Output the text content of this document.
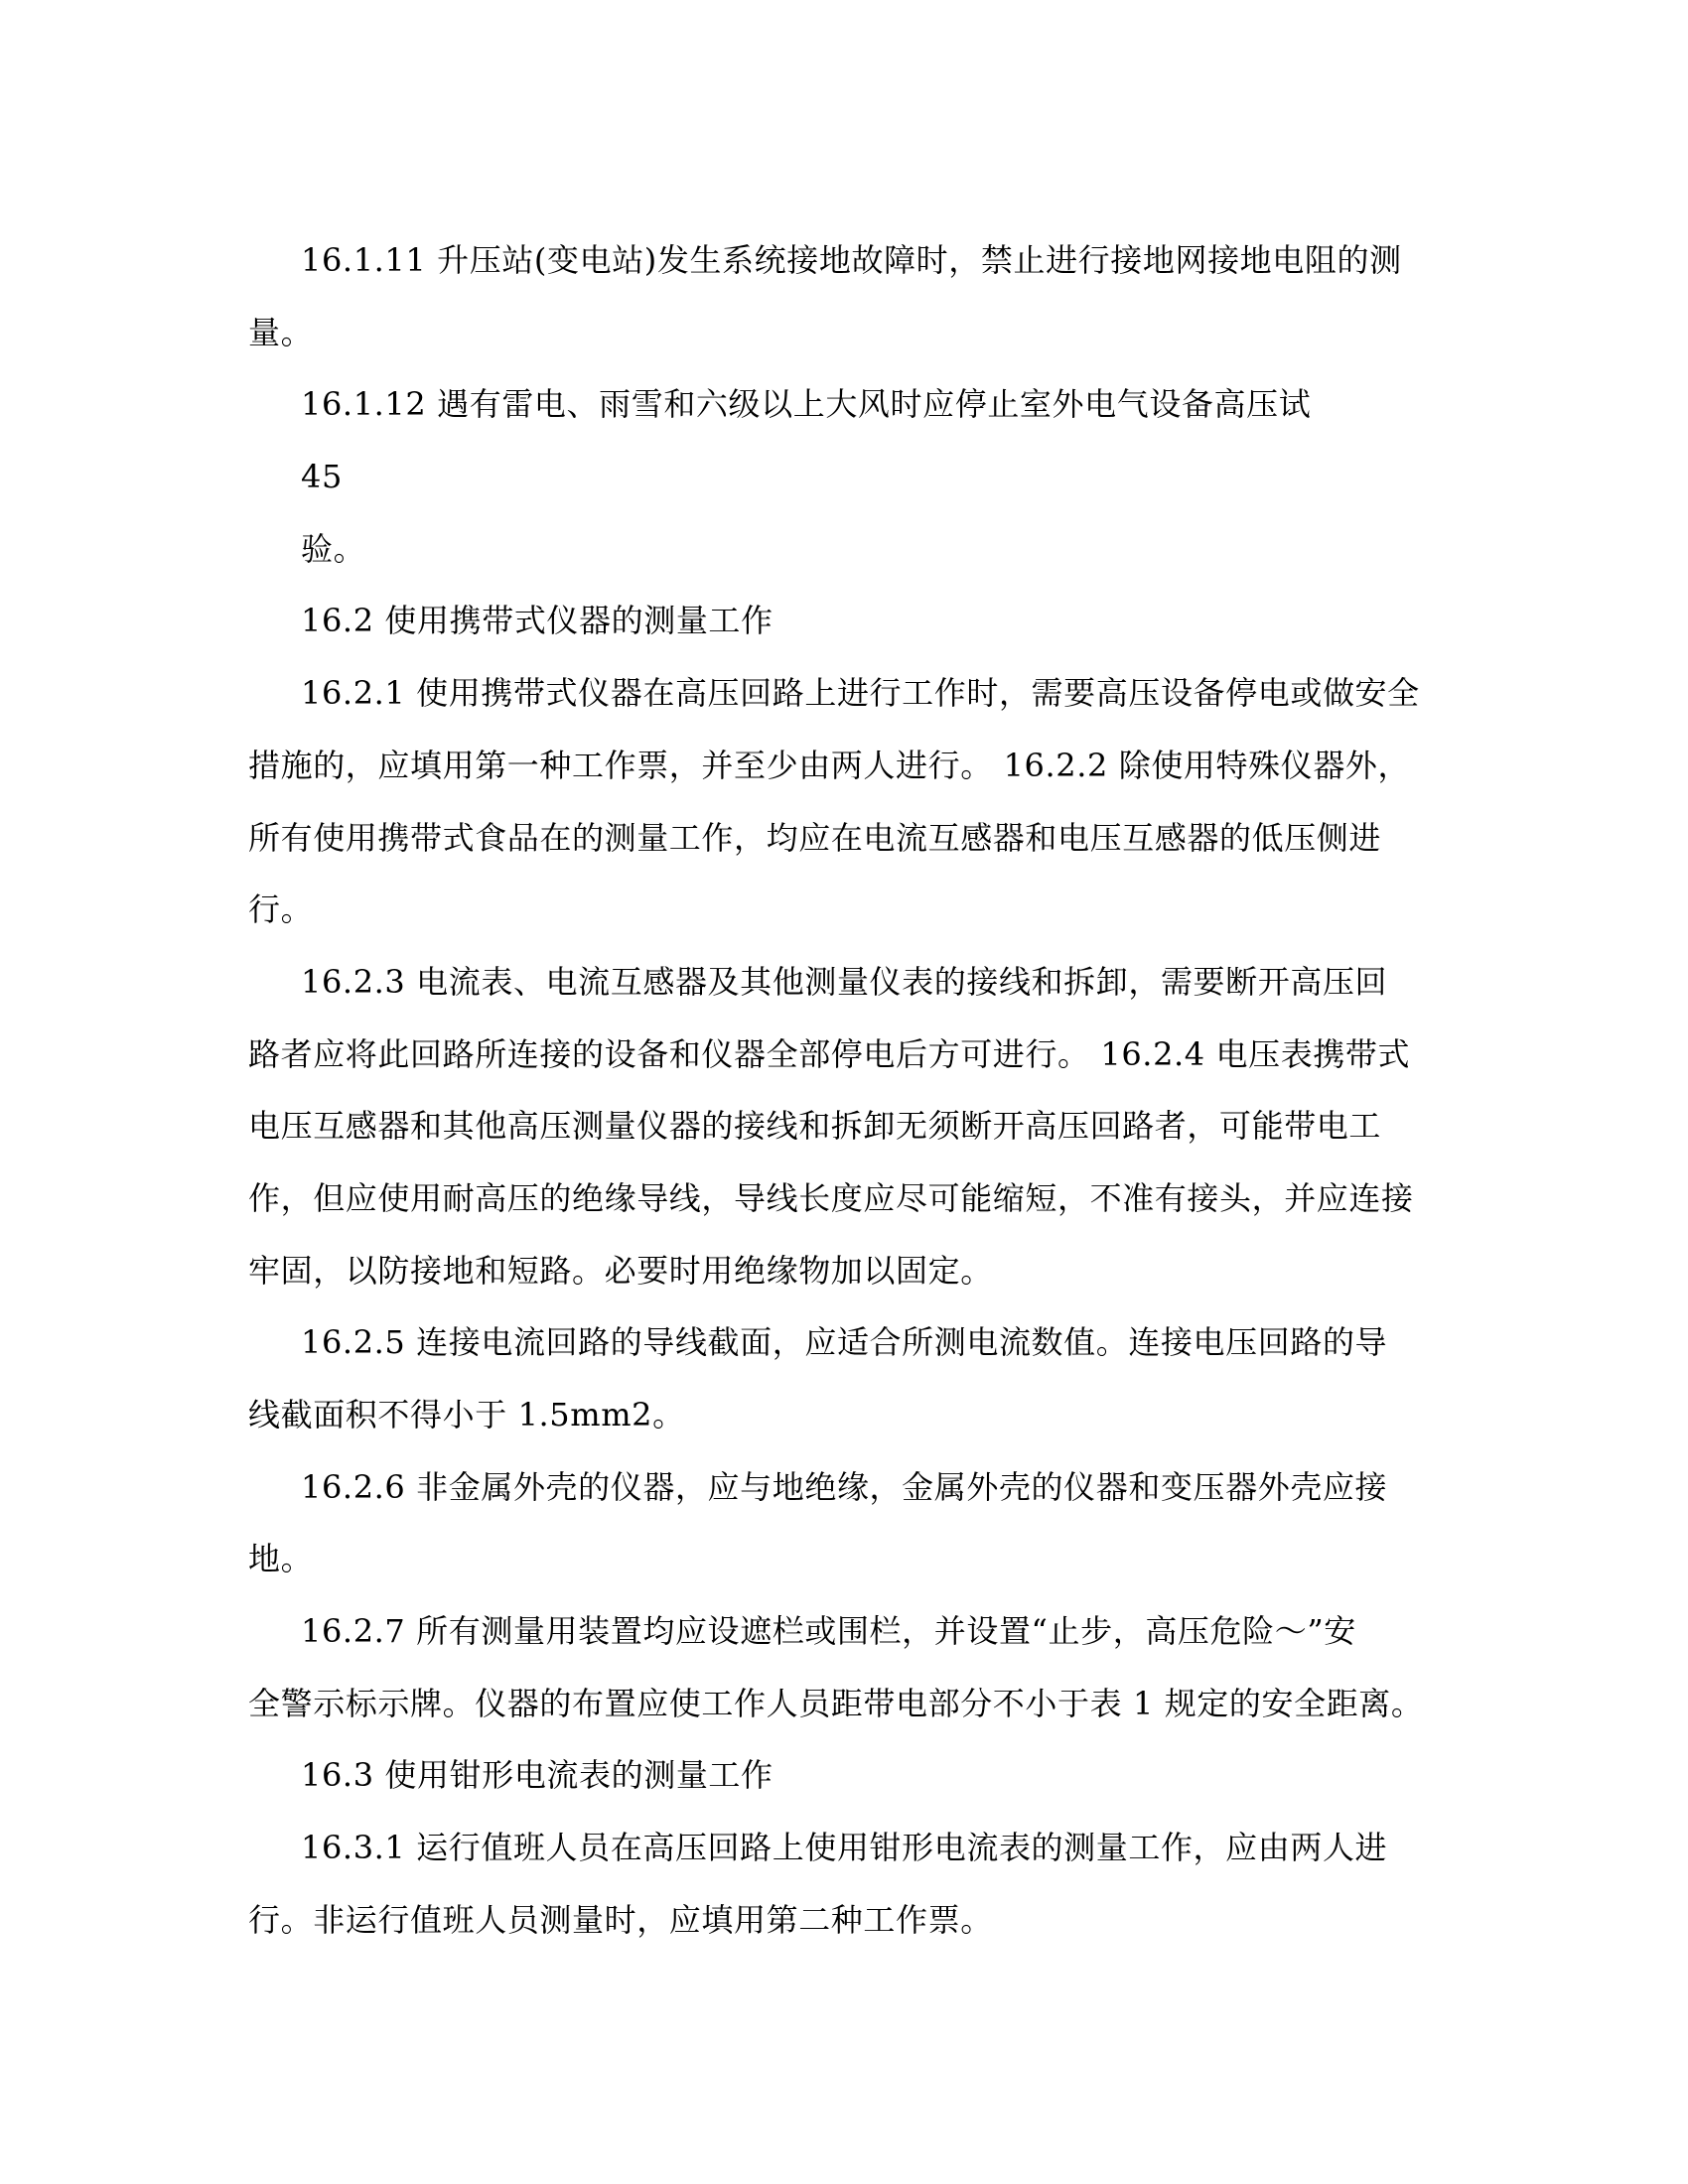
16.1.11 升压站(变电站)发生系统接地故障时，禁止进行接地网接地电阻的测
量。
16.1.12 遇有雷电、雨雪和六级以上大风时应停止室外电气设备高压试
45
验。
16.2 使用携带式仪器的测量工作
16.2.1 使用携带式仪器在高压回路上进行工作时，需要高压设备停电或做安全
措施的，应填用第一种工作票，并至少由两人进行。 16.2.2 除使用特殊仪器外，
所有使用携带式食品在的测量工作，均应在电流互感器和电压互感器的低压侧进
行。
16.2.3 电流表、电流互感器及其他测量仪表的接线和拆卸，需要断开高压回
路者应将此回路所连接的设备和仪器全部停电后方可进行。 16.2.4 电压表携带式
电压互感器和其他高压测量仪器的接线和拆卸无须断开高压回路者，可能带电工
作，但应使用耐高压的绝缘导线，导线长度应尽可能缩短，不准有接头，并应连接
牢固，以防接地和短路。必要时用绝缘物加以固定。
16.2.5 连接电流回路的导线截面，应适合所测电流数值。连接电压回路的导
线截面积不得小于 1.5mm2。
16.2.6 非金属外壳的仪器，应与地绝缘，金属外壳的仪器和变压器外壳应接
地。
16.2.7 所有测量用装置均应设遮栏或围栏，并设置“止步，高压危险～”安
全警示标示牌。仪器的布置应使工作人员距带电部分不小于表 1 规定的安全距离。
16.3 使用钳形电流表的测量工作
16.3.1 运行值班人员在高压回路上使用钳形电流表的测量工作，应由两人进
行。非运行值班人员测量时，应填用第二种工作票。
